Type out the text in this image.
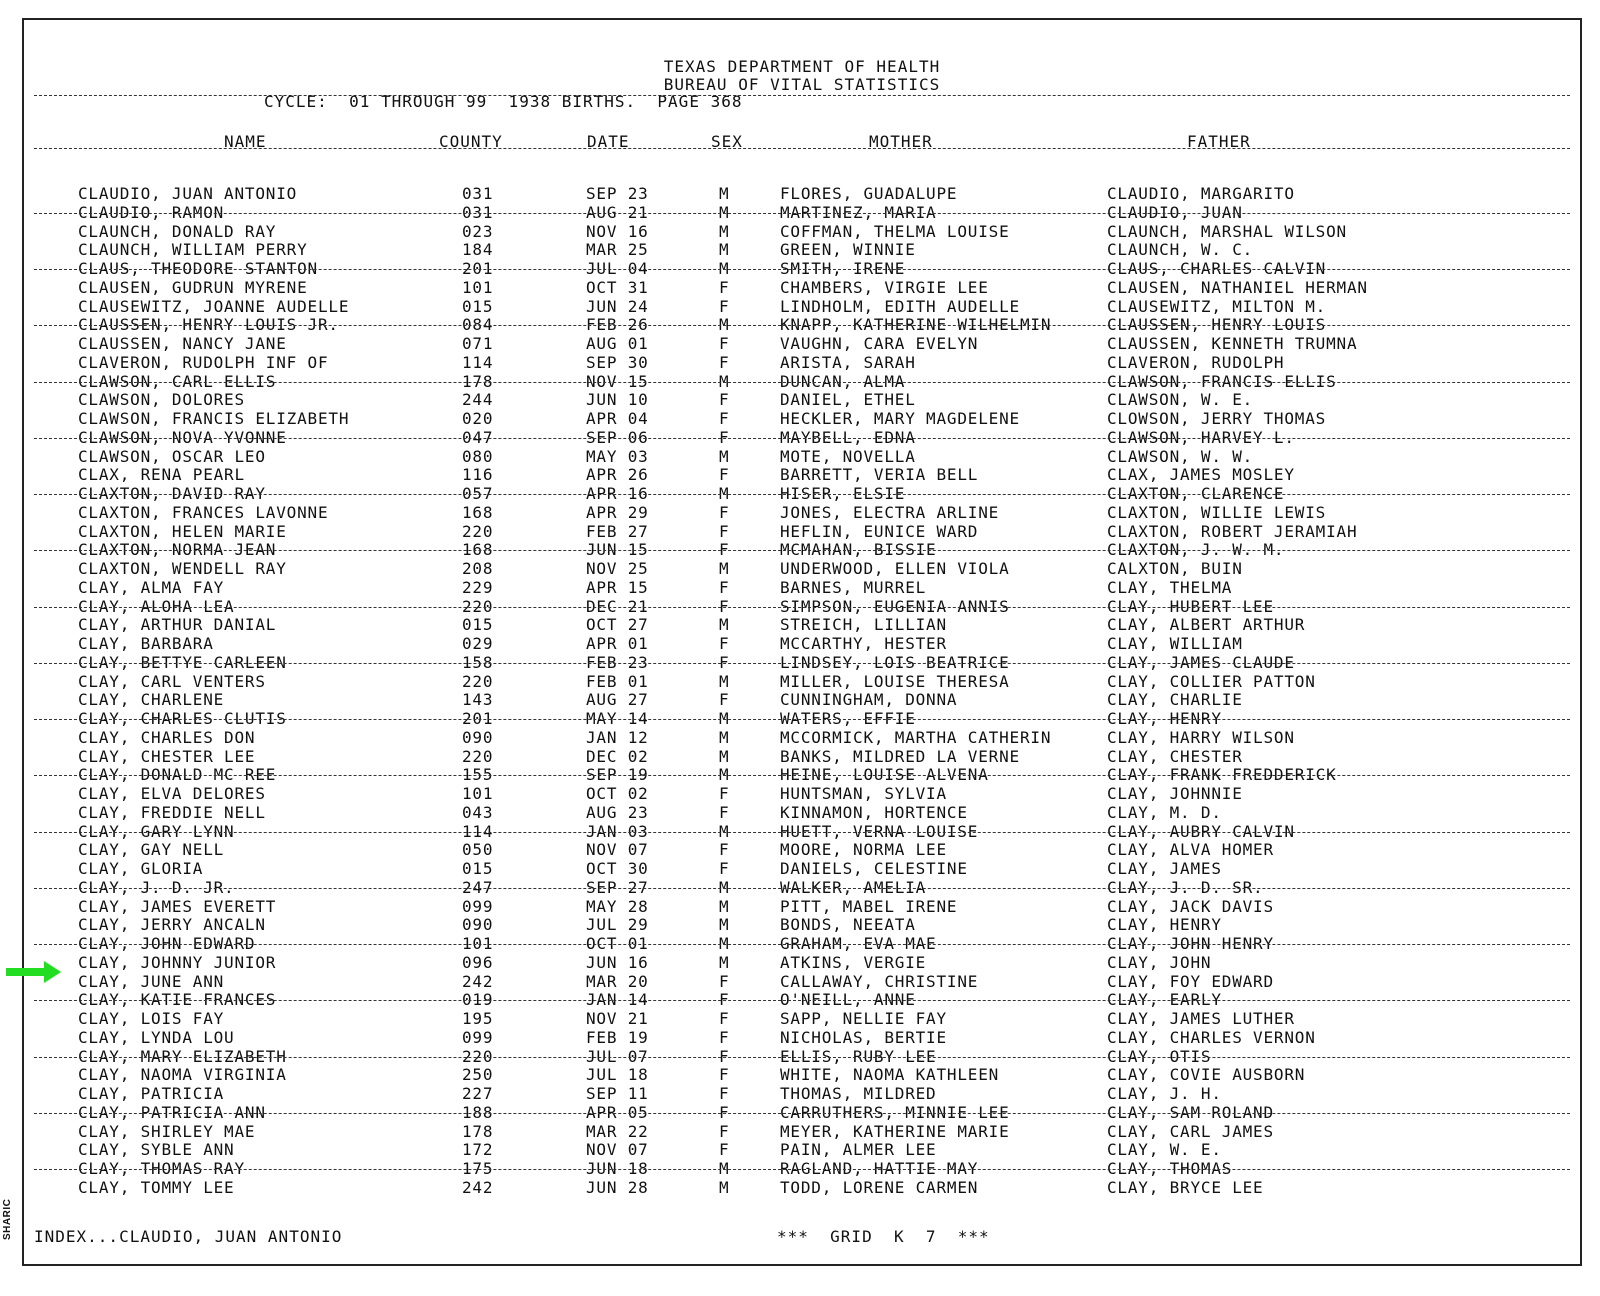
TEXAS DEPARTMENT OF HEALTH
BUREAU OF VITAL STATISTICS
CYCLE:  01 THROUGH 99  1938 BIRTHS.  PAGE 368
NAME	COUNTY	DATE	SEX	MOTHER	FATHER
CLAUDIO, JUAN ANTONIO	031	SEP 23	M	FLORES, GUADALUPE	CLAUDIO, MARGARITO
CLAUDIO, RAMON	031	AUG 21	M	MARTINEZ, MARIA	CLAUDIO, JUAN
CLAUNCH, DONALD RAY	023	NOV 16	M	COFFMAN, THELMA LOUISE	CLAUNCH, MARSHAL WILSON
CLAUNCH, WILLIAM PERRY	184	MAR 25	M	GREEN, WINNIE	CLAUNCH, W. C.
CLAUS, THEODORE STANTON	201	JUL 04	M	SMITH, IRENE	CLAUS, CHARLES CALVIN
CLAUSEN, GUDRUN MYRENE	101	OCT 31	F	CHAMBERS, VIRGIE LEE	CLAUSEN, NATHANIEL HERMAN
CLAUSEWITZ, JOANNE AUDELLE	015	JUN 24	F	LINDHOLM, EDITH AUDELLE	CLAUSEWITZ, MILTON M.
CLAUSSEN, HENRY LOUIS JR.	084	FEB 26	M	KNAPP, KATHERINE WILHELMIN	CLAUSSEN, HENRY LOUIS
CLAUSSEN, NANCY JANE	071	AUG 01	F	VAUGHN, CARA EVELYN	CLAUSSEN, KENNETH TRUMNA
CLAVERON, RUDOLPH INF OF	114	SEP 30	F	ARISTA, SARAH	CLAVERON, RUDOLPH
CLAWSON, CARL ELLIS	178	NOV 15	M	DUNCAN, ALMA	CLAWSON, FRANCIS ELLIS
CLAWSON, DOLORES	244	JUN 10	F	DANIEL, ETHEL	CLAWSON, W. E.
CLAWSON, FRANCIS ELIZABETH	020	APR 04	F	HECKLER, MARY MAGDELENE	CLOWSON, JERRY THOMAS
CLAWSON, NOVA YVONNE	047	SEP 06	F	MAYBELL, EDNA	CLAWSON, HARVEY L.
CLAWSON, OSCAR LEO	080	MAY 03	M	MOTE, NOVELLA	CLAWSON, W. W.
CLAX, RENA PEARL	116	APR 26	F	BARRETT, VERIA BELL	CLAX, JAMES MOSLEY
CLAXTON, DAVID RAY	057	APR 16	M	HISER, ELSIE	CLAXTON, CLARENCE
CLAXTON, FRANCES LAVONNE	168	APR 29	F	JONES, ELECTRA ARLINE	CLAXTON, WILLIE LEWIS
CLAXTON, HELEN MARIE	220	FEB 27	F	HEFLIN, EUNICE WARD	CLAXTON, ROBERT JERAMIAH
CLAXTON, NORMA JEAN	168	JUN 15	F	MCMAHAN, BISSIE	CLAXTON, J. W. M.
CLAXTON, WENDELL RAY	208	NOV 25	M	UNDERWOOD, ELLEN VIOLA	CALXTON, BUIN
CLAY, ALMA FAY	229	APR 15	F	BARNES, MURREL	CLAY, THELMA
CLAY, ALOHA LEA	220	DEC 21	F	SIMPSON, EUGENIA ANNIS	CLAY, HUBERT LEE
CLAY, ARTHUR DANIAL	015	OCT 27	M	STREICH, LILLIAN	CLAY, ALBERT ARTHUR
CLAY, BARBARA	029	APR 01	F	MCCARTHY, HESTER	CLAY, WILLIAM
CLAY, BETTYE CARLEEN	158	FEB 23	F	LINDSEY, LOIS BEATRICE	CLAY, JAMES CLAUDE
CLAY, CARL VENTERS	220	FEB 01	M	MILLER, LOUISE THERESA	CLAY, COLLIER PATTON
CLAY, CHARLENE	143	AUG 27	F	CUNNINGHAM, DONNA	CLAY, CHARLIE
CLAY, CHARLES CLUTIS	201	MAY 14	M	WATERS, EFFIE	CLAY, HENRY
CLAY, CHARLES DON	090	JAN 12	M	MCCORMICK, MARTHA CATHERIN	CLAY, HARRY WILSON
CLAY, CHESTER LEE	220	DEC 02	M	BANKS, MILDRED LA VERNE	CLAY, CHESTER
CLAY, DONALD MC REE	155	SEP 19	M	HEINE, LOUISE ALVENA	CLAY, FRANK FREDDERICK
CLAY, ELVA DELORES	101	OCT 02	F	HUNTSMAN, SYLVIA	CLAY, JOHNNIE
CLAY, FREDDIE NELL	043	AUG 23	F	KINNAMON, HORTENCE	CLAY, M. D.
CLAY, GARY LYNN	114	JAN 03	M	HUETT, VERNA LOUISE	CLAY, AUBRY CALVIN
CLAY, GAY NELL	050	NOV 07	F	MOORE, NORMA LEE	CLAY, ALVA HOMER
CLAY, GLORIA	015	OCT 30	F	DANIELS, CELESTINE	CLAY, JAMES
CLAY, J. D. JR.	247	SEP 27	M	WALKER, AMELIA	CLAY, J. D. SR.
CLAY, JAMES EVERETT	099	MAY 28	M	PITT, MABEL IRENE	CLAY, JACK DAVIS
CLAY, JERRY ANCALN	090	JUL 29	M	BONDS, NEEATA	CLAY, HENRY
CLAY, JOHN EDWARD	101	OCT 01	M	GRAHAM, EVA MAE	CLAY, JOHN HENRY
CLAY, JOHNNY JUNIOR	096	JUN 16	M	ATKINS, VERGIE	CLAY, JOHN
CLAY, JUNE ANN	242	MAR 20	F	CALLAWAY, CHRISTINE	CLAY, FOY EDWARD
CLAY, KATIE FRANCES	019	JAN 14	F	O'NEILL, ANNE	CLAY, EARLY
CLAY, LOIS FAY	195	NOV 21	F	SAPP, NELLIE FAY	CLAY, JAMES LUTHER
CLAY, LYNDA LOU	099	FEB 19	F	NICHOLAS, BERTIE	CLAY, CHARLES VERNON
CLAY, MARY ELIZABETH	220	JUL 07	F	ELLIS, RUBY LEE	CLAY, OTIS
CLAY, NAOMA VIRGINIA	250	JUL 18	F	WHITE, NAOMA KATHLEEN	CLAY, COVIE AUSBORN
CLAY, PATRICIA	227	SEP 11	F	THOMAS, MILDRED	CLAY, J. H.
CLAY, PATRICIA ANN	188	APR 05	F	CARRUTHERS, MINNIE LEE	CLAY, SAM ROLAND
CLAY, SHIRLEY MAE	178	MAR 22	F	MEYER, KATHERINE MARIE	CLAY, CARL JAMES
CLAY, SYBLE ANN	172	NOV 07	F	PAIN, ALMER LEE	CLAY, W. E.
CLAY, THOMAS RAY	175	JUN 18	M	RAGLAND, HATTIE MAY	CLAY, THOMAS
CLAY, TOMMY LEE	242	JUN 28	M	TODD, LORENE CARMEN	CLAY, BRYCE LEE
INDEX...CLAUDIO, JUAN ANTONIO	***  GRID  K  7  ***
SHARIC
